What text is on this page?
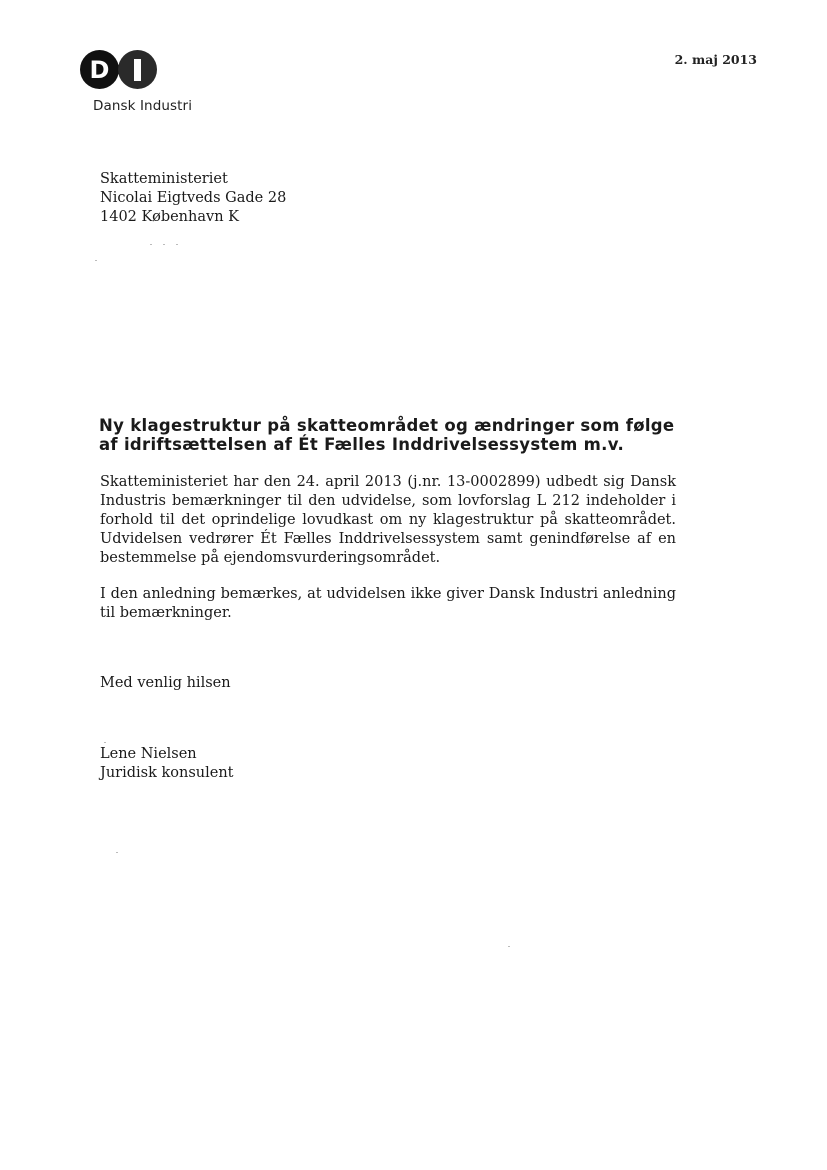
D
Dansk Industri
2. maj 2013
Skatteministeriet
Nicolai Eigtveds Gade 28
1402 København K
Ny klagestruktur på skatteområdet og ændringer som følge af idriftsættelsen af Ét Fælles Inddrivelsessystem m.v.
Skatteministeriet har den 24. april 2013 (j.nr. 13-0002899) udbedt sig Dansk Industris bemærkninger til den udvidelse, som lovforslag L 212 indeholder i forhold til det oprindelige lovudkast om ny klagestruktur på skatteområdet. Udvidelsen vedrører Ét Fælles Inddrivelsessystem samt genindførelse af en bestemmelse på ejendomsvurderingsområdet.
I den anledning bemærkes, at udvidelsen ikke giver Dansk Industri anledning til bemærkninger.
Med venlig hilsen
Lene Nielsen
Juridisk konsulent
